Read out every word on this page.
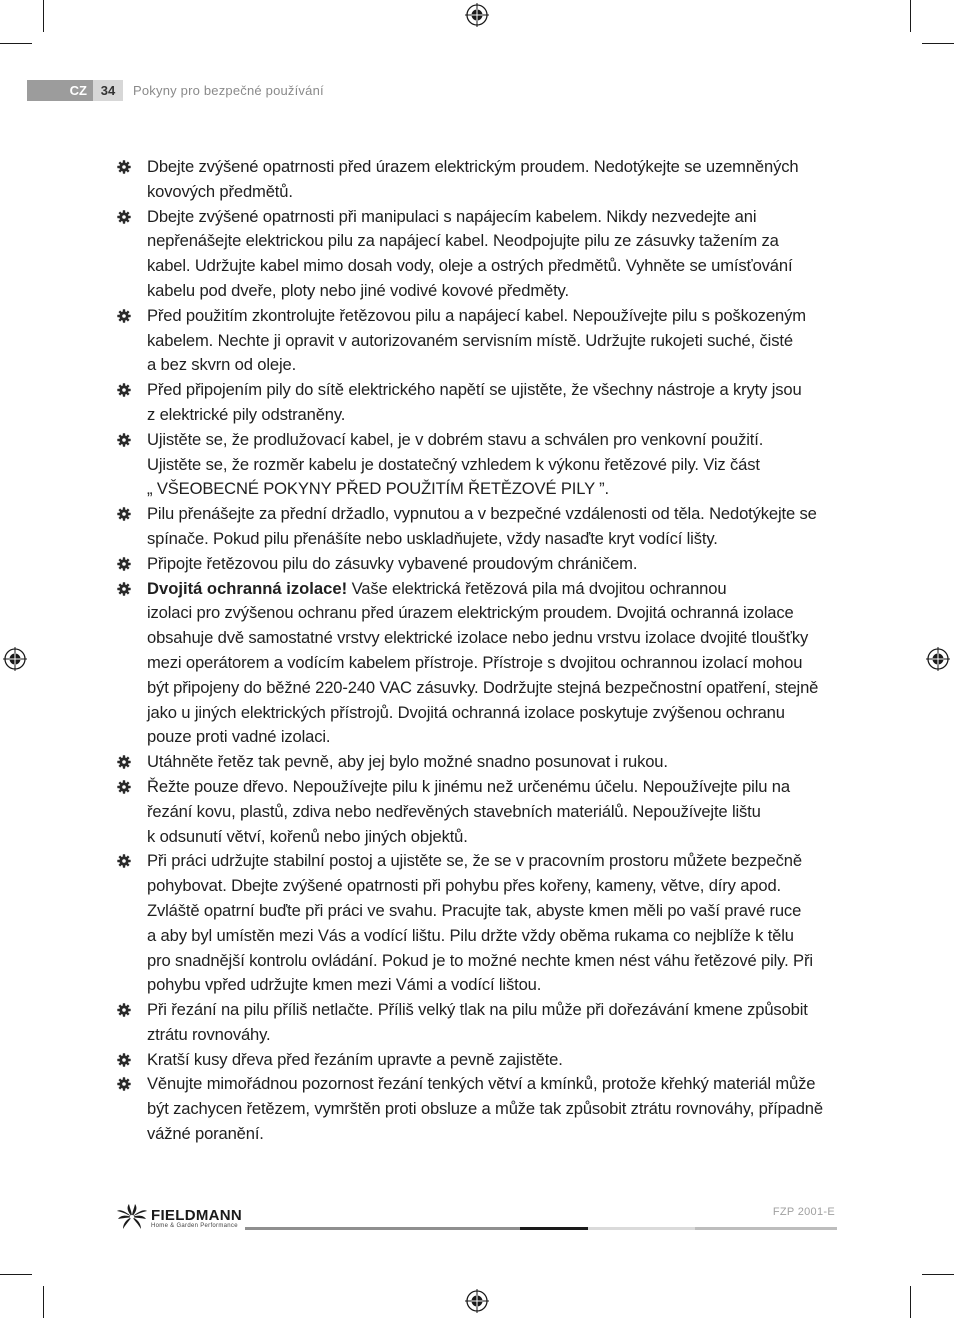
CZ	34	Pokyny pro bezpečné používání
Dbejte zvýšené opatrnosti před úrazem elektrickým proudem. Nedotýkejte se uzemněných
kovových předmětů.
Dbejte zvýšené opatrnosti při manipulaci s napájecím kabelem. Nikdy nezvedejte ani
nepřenášejte elektrickou pilu za napájecí kabel. Neodpojujte pilu ze zásuvky tažením za
kabel. Udržujte kabel mimo dosah vody, oleje a ostrých předmětů. Vyhněte se umísťování
kabelu pod dveře, ploty nebo jiné vodivé kovové předměty.
Před použitím zkontrolujte řetězovou pilu a napájecí kabel. Nepoužívejte pilu s poškozeným
kabelem. Nechte ji opravit v autorizovaném servisním místě. Udržujte rukojeti suché, čisté
a bez skvrn od oleje.
Před připojením pily do sítě elektrického napětí se ujistěte, že všechny nástroje a kryty jsou
z elektrické pily odstraněny.
Ujistěte se, že prodlužovací kabel, je v dobrém stavu a schválen pro venkovní použití.
Ujistěte se, že rozměr kabelu je dostatečný vzhledem k výkonu řetězové pily. Viz část
„ VŠEOBECNÉ POKYNY PŘED POUŽITÍM ŘETĚZOVÉ PILY ”.
Pilu přenášejte za přední držadlo, vypnutou a v bezpečné vzdálenosti od těla. Nedotýkejte se
spínače. Pokud pilu přenášíte nebo uskladňujete, vždy nasaďte kryt vodící lišty.
Připojte řetězovou pilu do zásuvky vybavené proudovým chráničem.
Dvojitá ochranná izolace! Vaše elektrická řetězová pila má dvojitou ochrannou
izolaci pro zvýšenou ochranu před úrazem elektrickým proudem. Dvojitá ochranná izolace
obsahuje dvě samostatné vrstvy elektrické izolace nebo jednu vrstvu izolace dvojité tloušťky
mezi operátorem a vodícím kabelem přístroje. Přístroje s dvojitou ochrannou izolací mohou
být připojeny do běžné 220-240 VAC zásuvky. Dodržujte stejná bezpečnostní opatření, stejně
jako u jiných elektrických přístrojů. Dvojitá ochranná izolace poskytuje zvýšenou ochranu
pouze proti vadné izolaci.
Utáhněte řetěz tak pevně, aby jej bylo možné snadno posunovat i rukou.
Řežte pouze dřevo. Nepoužívejte pilu k jinému než určenému účelu. Nepoužívejte pilu na
řezání kovu, plastů, zdiva nebo nedřevěných stavebních materiálů. Nepoužívejte lištu
k odsunutí větví, kořenů nebo jiných objektů.
Při práci udržujte stabilní postoj a ujistěte se, že se v pracovním prostoru můžete bezpečně
pohybovat. Dbejte zvýšené opatrnosti při pohybu přes kořeny, kameny, větve, díry apod.
Zvláště opatrní buďte při práci ve svahu. Pracujte tak, abyste kmen měli po vaší pravé ruce
a aby byl umístěn mezi Vás a vodící lištu. Pilu držte vždy oběma rukama co nejblíže k tělu
pro snadnější kontrolu ovládání. Pokud je to možné nechte kmen nést váhu řetězové pily. Při
pohybu vpřed udržujte kmen mezi Vámi a vodící lištou.
Při řezání na pilu příliš netlačte. Příliš velký tlak na pilu může při dořezávání kmene způsobit
ztrátu rovnováhy.
Kratší kusy dřeva před řezáním upravte a pevně zajistěte.
Věnujte mimořádnou pozornost řezání tenkých větví a kmínků, protože křehký materiál může
být zachycen řetězem, vymrštěn proti obsluze a může tak způsobit ztrátu rovnováhy, případně
vážné poranění.
FIELDMANN
Home & Garden Performance
FZP 2001-E
